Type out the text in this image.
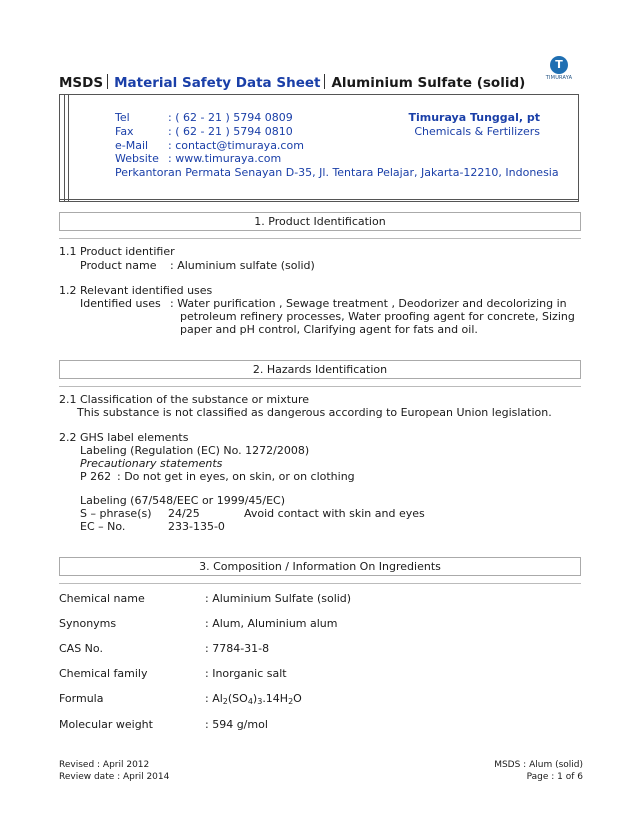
T
TIMURAYA
MSDS Material Safety Data Sheet Aluminium Sulfate (solid)
Tel	: ( 62 - 21 ) 5794 0809
Fax	: ( 62 - 21 ) 5794 0810
e-Mail : contact@timuraya.com
Website : www.timuraya.com
Perkantoran Permata Senayan D-35, Jl. Tentara Pelajar, Jakarta-12210, Indonesia
Timuraya Tunggal, pt
Chemicals & Fertilizers
1. Product Identification
1.1 Product identifier
Product name : Aluminium sulfate (solid)
1.2 Relevant identified uses
Identified uses : Water purification , Sewage treatment , Deodorizer and decolorizing in
petroleum refinery processes, Water proofing agent for concrete, Sizing
paper and pH control, Clarifying agent for fats and oil.
2. Hazards Identification
2.1 Classification of the substance or mixture
This substance is not classified as dangerous according to European Union legislation.
2.2 GHS label elements
Labeling (Regulation (EC) No. 1272/2008)
Precautionary statements
P 262 : Do not get in eyes, on skin, or on clothing
Labeling (67/548/EEC or 1999/45/EC)
S – phrase(s) 24/25	Avoid contact with skin and eyes
EC – No.	233-135-0
3. Composition / Information On Ingredients
Chemical name	: Aluminium Sulfate (solid)
Synonyms	: Alum, Aluminium alum
CAS No.	: 7784-31-8
Chemical family	: Inorganic salt
Formula	: $Al_2(SO_4)_3.14H_2O$
Molecular weight	: 594 g/mol
Revised : April 2012
Review date : April 2014
MSDS : Alum (solid)
Page : 1 of 6
